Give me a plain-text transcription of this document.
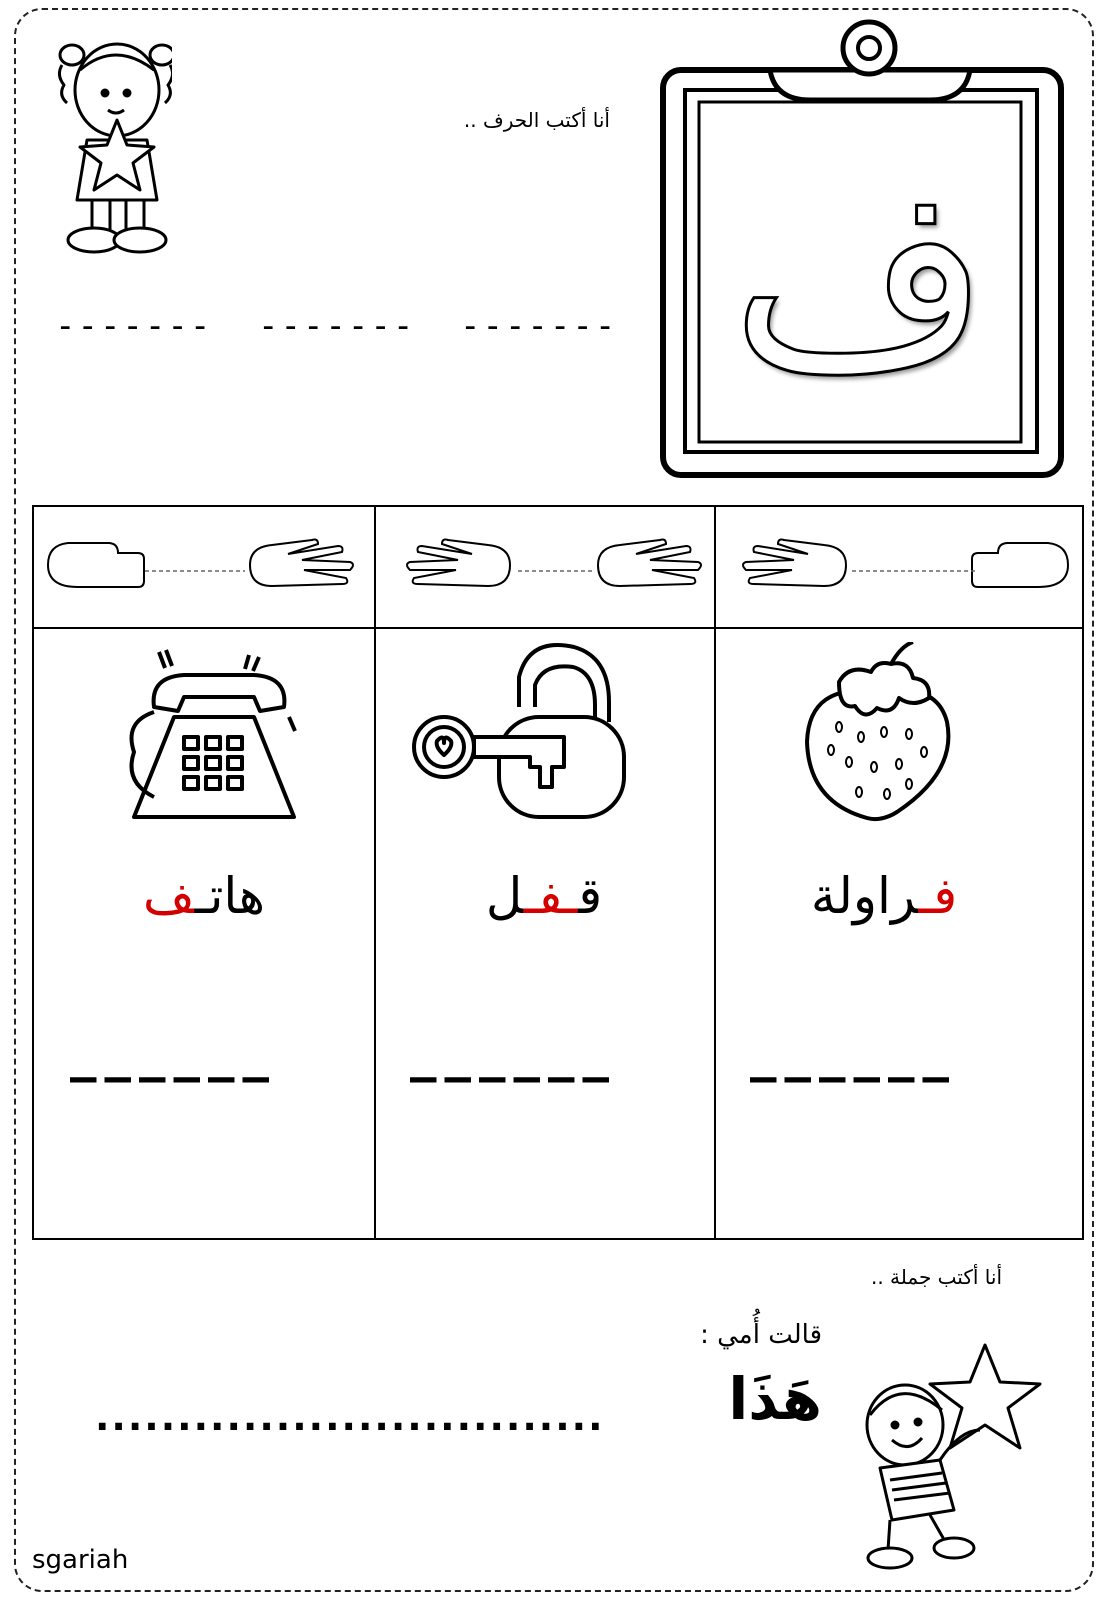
أنا أكتب الحرف ..
------- ------- ------- ف
هاتـف	قـفـل	فـراولة
––––––	––––––	––––––
أنا أكتب جملة ..
قالت أُمي :
هَذَا
...............................
sgariah
